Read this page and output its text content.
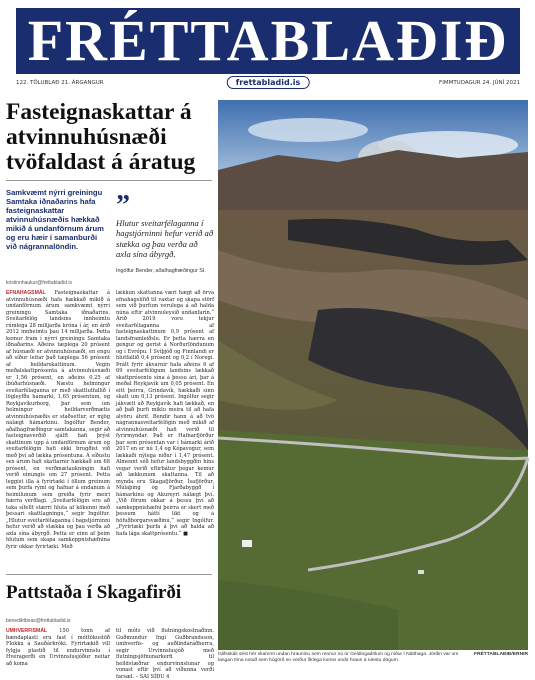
FRÉTTABLAÐIÐ
122. TÖLUBLAÐ 21. ÁRGANGUR	frettabladid.is	FIMMTUDAGUR 24. JÚNÍ 2021
Fasteignaskattar á atvinnuhúsnæði tvöfaldast á áratug

Samkvæmt nýrri greiningu Samtaka iðnaðarins hafa fasteignaskattar atvinnuhúsnæðis hækkað mikið á undanförnum árum og eru hæir í samanburði við nágrannalöndin.

”

Hlutur sveitarfélaganna í hagstjórninni hefur verið að stækka og þau verða að axla sína ábyrgð.

Ingólfur Bender, aðalhagfræðingur SI.

kristinnhaukur@frettabladid.is
EFNAHAGSMÁL Fasteignaskattar á atvinnuhúsnæði hafa hækkað mikið á undanförnum árum samkvæmt nýrri greiningu Samtaka iðnaðarins. Sveitarfélög landsins innheimtu rúmlega 28 milljarða króna í ár, en árið 2012 innheimtu þau 14 milljarða. Þetta kemur fram í nýrri greiningu Samtaka iðnaðarins. Aðeins tæplega 20 prósent af húsnæði er atvinnuhúsnæði, en engu að síður leitar það tæplega 56 prósent af heildarskattinum. Vegin meðalskattprósenta á atvinnuhúsnæði er 1,56 prósent, en aðeins 0,25 af íbúðarhúsnæði. Næstu helmingur sveitarfélaganna er með skattlutfallið í lögleyfðu hámarki, 1,65 prósentum, og Reykjavíkurborg, þar sem um helmingur heildarverðmætis atvinnuhúsnæðis er staðsettur, er mjög nálægt hámarkinu. Ingólfur Bender, aðalhagfræðingur samtakanna, segir að fasteignaverðið sjálft hafi þrýst skattinum upp á undanförnum árum og sveitarfélögin hafi ekki brugðist við með því að lækka prósentuna. Á síðustu sex árum hafi skattarnir hækkað um 68 prósent, en verðmætaukningin hafi verið einungis um 27 prósent. Þetta leggist illa á fyrirtæki í öllum greinum sem þurfa rými og hafnar á endanum á heimilunum sem greiða fyrir meiri hærra verðlagi. „Sveitarfélögin eru að taka sífellt stærri hluta af kökunni með þessari skattlagningu,“ segir Ingólfur. „Hlutur sveitarfélaganna í hagstjórninni hefur verið að stækka og þau verða að axla sína ábyrgð. Þetta er einn af þeim hlutum sem skapa samkeppnishæfnina fyrir okkar fyrirtæki. Með
lækkun skattanna væri hægt að örva efnahagslífið til vaxtar og skapa störf sem við þurfum verulega á að halda núna eftir atvinnuleysið undanfarin.“ Árið 2019 voru tekjur sveitarfélaganna af fasteignaskattinum 0,9 prósent af landsframleiðslu. Er þetta hærra en gengur og gerist á Norðurlöndunum og í Evrópu. Í Svíþjóð og Finnlandi er hlutfallið 0,4 prósent og 0,2 í Noregi. Þrátt fyrir ákvarnir hafa aðeins 6 af 69 sveitarfélögum landsins lækkað skattprósentu sína á þessu ári, þar á meðal Reykjavík um 0,05 prósent. En eitt þeirra, Grindavík, hækkaði sinn skatt um 0,13 prósent. Ingólfur segir jákvætt að Reykjavík hafi lækkað, en að það þurfi miklu meira til að hafa alvöru áhrif. Bendir hann á að tvö nágrannasveitarfélögin með mikið af atvinnuhúsnæði hafi verið til fyrirmyndar. Það er Hafnarfjörður þar sem prósentan var í hámarki árið 2017 en er nú 1,4 og Kópavogur, sem lækkaði nýlega niður í 1,47 prósent. Almennt séð hefur landsbyggðin hins vegar verið eftirbátur þegar kemur að lækkunum skattanna. Til að mynda eru Skagafjörður, Ísafjörður, Múlaþing og Fjarðabyggð í hámarkinu og Akureyri nálægt því. „Við förum okkar á þessu því að samkeppnishæfni þeirra er skert með þessum háttí líkt og á höfuðborgarsvæðinu,“ segir Ingólfur. „Fyrirtæki þurfa á því að halda að hafa lága skattprósentu.“ ■
Pattstaða í Skagafirði
benediktboas@frettabladid.is
UMHVERFISMÁL 150 tonn af bændaplasti eru fast í móttökustöð Flokku á Sauðárkróki. Fyrirtækið vill fylgja plastið til endurvinnslu í Hveragerði en Úrvinnslusjóður neitar að koma
til móts við flutningskostnaðinn. Guðmundur Ingi Guðbrandsson, umhverfis- og auðlindaráðherra, segir Úrvinnslusjóð með flutningsjöfnunarkerfi til heildstæðrar endurvinnslunar og vonast eftir því að viðunna verði farsæl. – SAI SÍÐU 4
FRÉTTABLAÐIÐ/ERNIR
Íslifsskáli sést hér skammt undan hrauninu sem rennur nú úr Geldingadölum og niður í Nátthaga. Jörðin var um langan tíma notuð sem búgörð en verður líklega komin undir hraun á næstu dögum.
